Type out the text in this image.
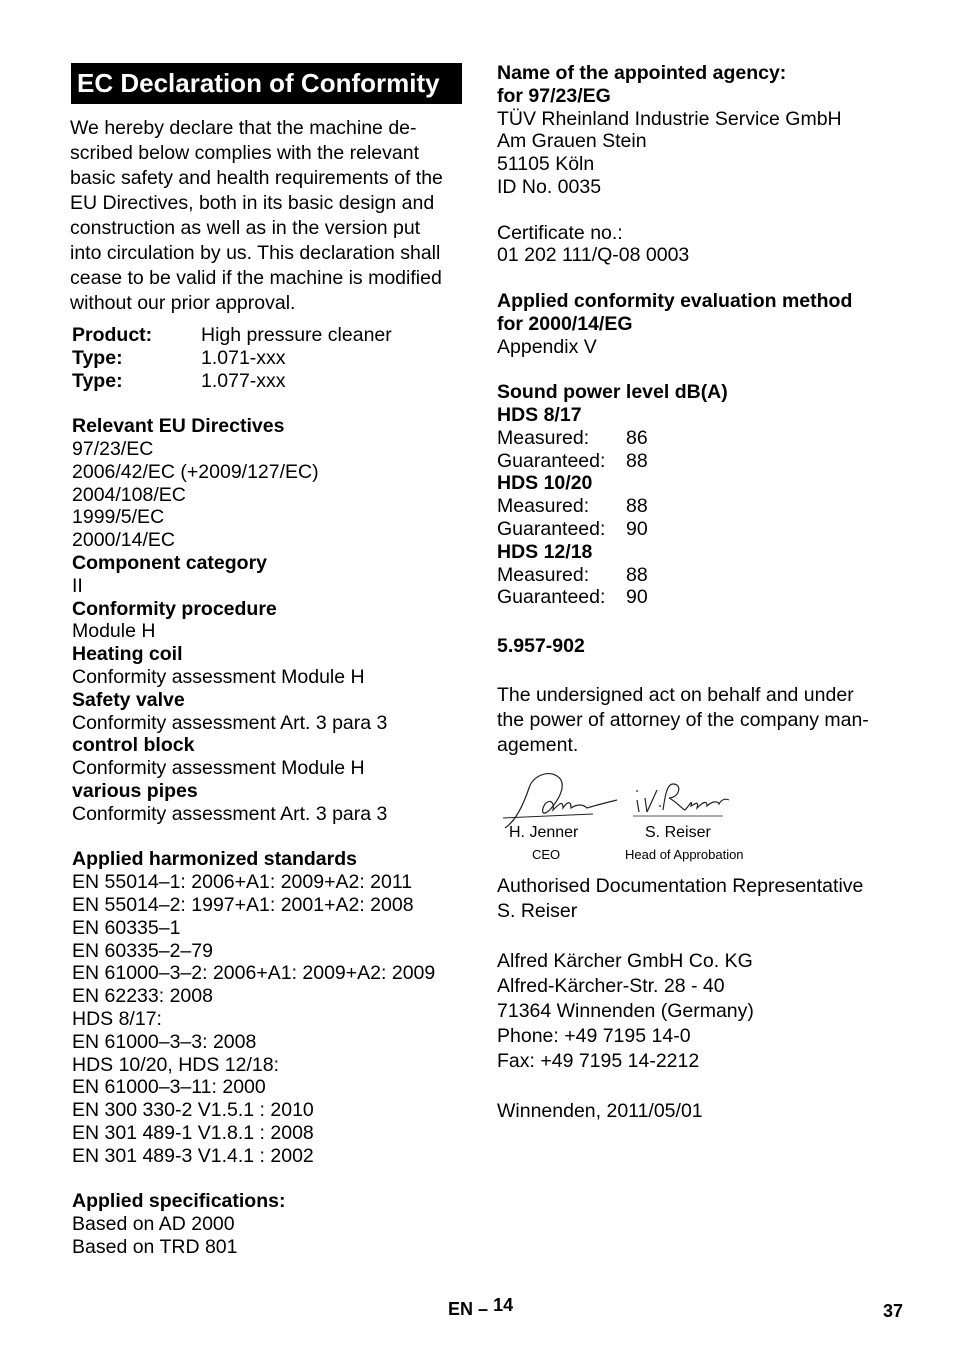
EC Declaration of Conformity
We hereby declare that the machine de-
scribed below complies with the relevant
basic safety and health requirements of the
EU Directives, both in its basic design and
construction as well as in the version put
into circulation by us. This declaration shall
cease to be valid if the machine is modified
without our prior approval.
Product:	High pressure cleaner
Type:	1.071-xxx
Type:	1.077-xxx
Relevant EU Directives
97/23/EC
2006/42/EC (+2009/127/EC)
2004/108/EC
1999/5/EC
2000/14/EC
Component category
II
Conformity procedure
Module H
Heating coil
Conformity assessment Module H
Safety valve
Conformity assessment Art. 3 para 3
control block
Conformity assessment Module H
various pipes
Conformity assessment Art. 3 para 3
Applied harmonized standards
EN 55014–1: 2006+A1: 2009+A2: 2011
EN 55014–2: 1997+A1: 2001+A2: 2008
EN 60335–1
EN 60335–2–79
EN 61000–3–2: 2006+A1: 2009+A2: 2009
EN 62233: 2008
HDS 8/17:
EN 61000–3–3: 2008
HDS 10/20, HDS 12/18:
EN 61000–3–11: 2000
EN 300 330-2 V1.5.1 : 2010
EN 301 489-1 V1.8.1 : 2008
EN 301 489-3 V1.4.1 : 2002
Applied specifications:
Based on AD 2000
Based on TRD 801
Name of the appointed agency:
for 97/23/EG
TÜV Rheinland Industrie Service GmbH
Am Grauen Stein
51105 Köln
ID No. 0035
Certificate no.:
01 202 111/Q-08 0003
Applied conformity evaluation method
for 2000/14/EG
Appendix V
Sound power level dB(A)
HDS 8/17
Measured:	86
Guaranteed:	88
HDS 10/20
Measured:	88
Guaranteed:	90
HDS 12/18
Measured:	88
Guaranteed:	90
5.957-902
The undersigned act on behalf and under
the power of attorney of the company man-
agement.
H. Jenner
CEO
S. Reiser
Head of Approbation
Authorised Documentation Representative
S. Reiser
Alfred Kärcher GmbH Co. KG
Alfred-Kärcher-Str. 28 - 40
71364 Winnenden (Germany)
Phone: +49 7195 14-0
Fax: +49 7195 14-2212
Winnenden, 2011/05/01
EN – 14	37
